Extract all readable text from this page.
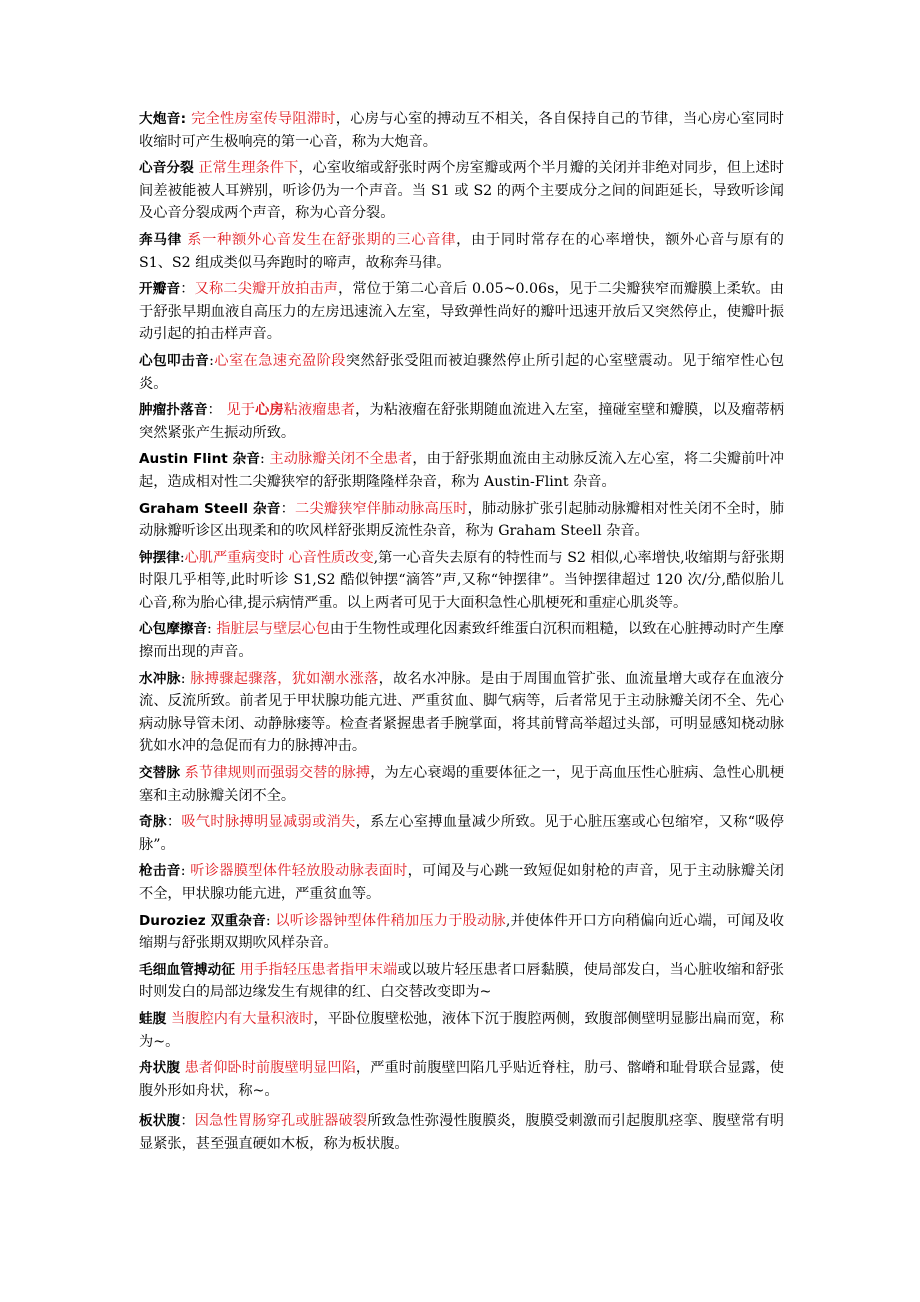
大炮音: 完全性房室传导阻滞时，心房与心室的搏动互不相关，各自保持自己的节律，当心房心室同时收缩时可产生极响亮的第一心音，称为大炮音。

心音分裂 正常生理条件下，心室收缩或舒张时两个房室瓣或两个半月瓣的关闭并非绝对同步，但上述时间差被能被人耳辨别，听诊仍为一个声音。当 S1 或 S2 的两个主要成分之间的间距延长，导致听诊闻及心音分裂成两个声音，称为心音分裂。

奔马律 系一种额外心音发生在舒张期的三心音律，由于同时常存在的心率增快，额外心音与原有的 S1、S2 组成类似马奔跑时的啼声，故称奔马律。

开瓣音：又称二尖瓣开放拍击声，常位于第二心音后 0.05~0.06s，见于二尖瓣狭窄而瓣膜上柔软。由于舒张早期血液自高压力的左房迅速流入左室，导致弹性尚好的瓣叶迅速开放后又突然停止，使瓣叶振动引起的拍击样声音。

心包叩击音:心室在急速充盈阶段突然舒张受阻而被迫骤然停止所引起的心室壁震动。见于缩窄性心包炎。

肿瘤扑落音： 见于心房粘液瘤患者，为粘液瘤在舒张期随血流进入左室，撞碰室壁和瓣膜，以及瘤蒂柄突然紧张产生振动所致。

Austin Flint 杂音: 主动脉瓣关闭不全患者，由于舒张期血流由主动脉反流入左心室，将二尖瓣前叶冲起，造成相对性二尖瓣狭窄的舒张期隆隆样杂音，称为 Austin-Flint 杂音。

Graham Steell 杂音：二尖瓣狭窄伴肺动脉高压时，肺动脉扩张引起肺动脉瓣相对性关闭不全时，肺动脉瓣听诊区出现柔和的吹风样舒张期反流性杂音，称为 Graham Steell 杂音。

钟摆律:心肌严重病变时 心音性质改变,第一心音失去原有的特性而与 S2 相似,心率增快,收缩期与舒张期时限几乎相等,此时听诊 S1,S2 酷似钟摆“滴答”声,又称“钟摆律”。当钟摆律超过 120 次/分,酷似胎儿心音,称为胎心律,提示病情严重。以上两者可见于大面积急性心肌梗死和重症心肌炎等。

心包摩擦音: 指脏层与壁层心包由于生物性或理化因素致纤维蛋白沉积而粗糙，以致在心脏搏动时产生摩擦而出现的声音。

水冲脉: 脉搏骤起骤落，犹如潮水涨落，故名水冲脉。是由于周围血管扩张、血流量增大或存在血液分流、反流所致。前者见于甲状腺功能亢进、严重贫血、脚气病等，后者常见于主动脉瓣关闭不全、先心病动脉导管未闭、动静脉瘘等。检查者紧握患者手腕掌面，将其前臂高举超过头部，可明显感知桡动脉犹如水冲的急促而有力的脉搏冲击。

交替脉 系节律规则而强弱交替的脉搏，为左心衰竭的重要体征之一，见于高血压性心脏病、急性心肌梗塞和主动脉瓣关闭不全。

奇脉：吸气时脉搏明显减弱或消失，系左心室搏血量减少所致。见于心脏压塞或心包缩窄，又称“吸停脉”。

枪击音: 听诊器膜型体件轻放股动脉表面时，可闻及与心跳一致短促如射枪的声音，见于主动脉瓣关闭不全，甲状腺功能亢进，严重贫血等。

Duroziez 双重杂音: 以听诊器钟型体件稍加压力于股动脉,并使体件开口方向稍偏向近心端，可闻及收缩期与舒张期双期吹风样杂音。

毛细血管搏动征 用手指轻压患者指甲末端或以玻片轻压患者口唇黏膜，使局部发白，当心脏收缩和舒张时则发白的局部边缘发生有规律的红、白交替改变即为~

蛙腹 当腹腔内有大量积液时，平卧位腹壁松弛，液体下沉于腹腔两侧，致腹部侧壁明显膨出扁而宽，称为~。

舟状腹 患者仰卧时前腹壁明显凹陷，严重时前腹壁凹陷几乎贴近脊柱，肋弓、髂嵴和耻骨联合显露，使腹外形如舟状，称~。

板状腹：因急性胃肠穿孔或脏器破裂所致急性弥漫性腹膜炎，腹膜受刺激而引起腹肌痉挛、腹壁常有明显紧张，甚至强直硬如木板，称为板状腹。
